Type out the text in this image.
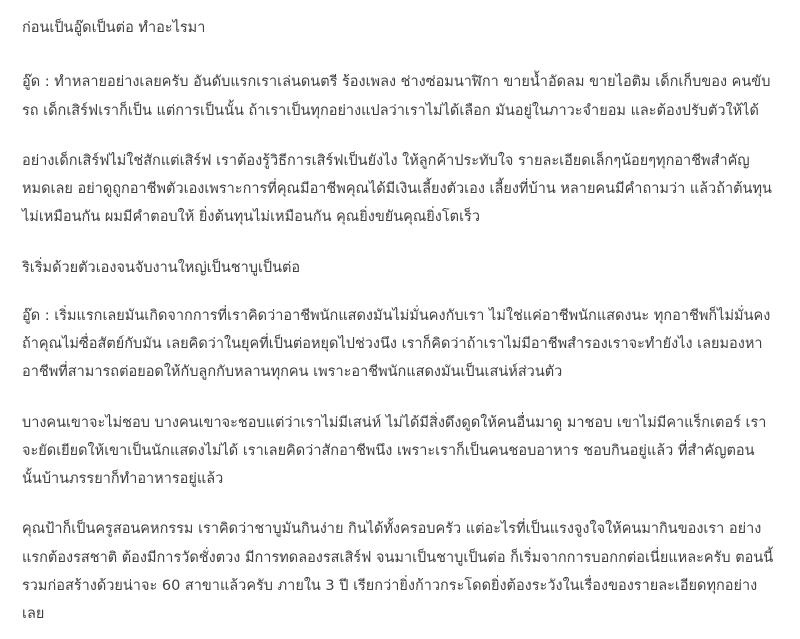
ก่อนเป็นอู๊ดเป็นต่อ ทำอะไรมา

อู๊ด : ทำหลายอย่างเลยครับ อันดับแรกเราเล่นดนตรี ร้องเพลง ช่างซ่อมนาฬิกา ขายน้ำอัดลม ขายไอติม เด็กเก็บของ คนขับรถ เด็กเสิร์ฟเราก็เป็น แต่การเป็นนั้น ถ้าเราเป็นทุกอย่างแปลว่าเราไม่ได้เลือก มันอยู่ในภาวะจำยอม และต้องปรับตัวให้ได้

อย่างเด็กเสิร์ฟไม่ใช่สักแต่เสิร์ฟ เราต้องรู้วิธีการเสิร์ฟเป็นยังไง ให้ลูกค้าประทับใจ รายละเอียดเล็กๆน้อยๆทุกอาชีพสำคัญหมดเลย อย่าดูถูกอาชีพตัวเองเพราะการที่คุณมีอาชีพคุณได้มีเงินเลี้ยงตัวเอง เลี้ยงที่บ้าน หลายคนมีคำถามว่า แล้วถ้าต้นทุนไม่เหมือนกัน ผมมีคำตอบให้ ยิ่งต้นทุนไม่เหมือนกัน คุณยิ่งขยันคุณยิ่งโตเร็ว

ริเริ่มด้วยตัวเองจนจับงานใหญ่เป็นชาบูเป็นต่อ

อู๊ด : เริ่มแรกเลยมันเกิดจากการที่เราคิดว่าอาชีพนักแสดงมันไม่มั่นคงกับเรา ไม่ใช่แค่อาชีพนักแสดงนะ ทุกอาชีพก็ไม่มั่นคงถ้าคุณไม่ซื่อสัตย์กับมัน เลยคิดว่าในยุคที่เป็นต่อหยุดไปช่วงนึง เราก็คิดว่าถ้าเราไม่มีอาชีพสำรองเราจะทำยังไง เลยมองหาอาชีพที่สามารถต่อยอดให้กับลูกกับหลานทุกคน เพราะอาชีพนักแสดงมันเป็นเสน่ห์ส่วนตัว

บางคนเขาจะไม่ชอบ บางคนเขาจะชอบแต่ว่าเราไม่มีเสน่ห์ ไม่ได้มีสิ่งดึงดูดให้คนอื่นมาดู มาชอบ เขาไม่มีคาแร็กเตอร์ เราจะยัดเยียดให้เขาเป็นนักแสดงไม่ได้ เราเลยคิดว่าสักอาชีพนึง เพราะเราก็เป็นคนชอบอาหาร ชอบกินอยู่แล้ว ที่สำคัญตอนนั้นบ้านภรรยาก็ทำอาหารอยู่แล้ว

คุณป้าก็เป็นครูสอนคหกรรม เราคิดว่าชาบูมันกินง่าย กินได้ทั้งครอบครัว แต่อะไรที่เป็นแรงจูงใจให้คนมากินของเรา อย่างแรกต้องรสชาติ ต้องมีการวัดชั่งตวง มีการทดลองรสเสิร์ฟ จนมาเป็นชาบูเป็นต่อ ก็เริ่มจากการบอกกต่อเนี่ยแหละครับ ตอนนี้รวมก่อสร้างด้วยน่าจะ 60 สาขาแล้วครับ ภายใน 3 ปี เรียกว่ายิ่งก้าวกระโดดยิ่งต้องระวังในเรื่องของรายละเอียดทุกอย่างเลย
